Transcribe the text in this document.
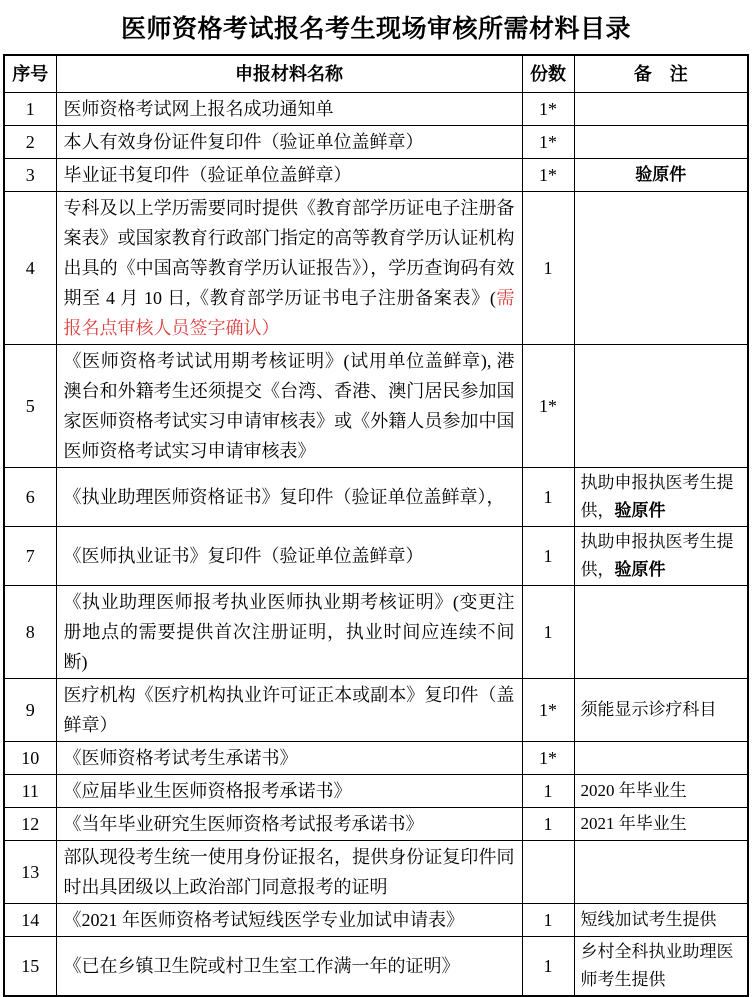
医师资格考试报名考生现场审核所需材料目录
序号	申报材料名称	份数	备　注
1	医师资格考试网上报名成功通知单	1*	
2	本人有效身份证件复印件（验证单位盖鲜章）	1*	
3	毕业证书复印件（验证单位盖鲜章）	1*	验原件
4	专科及以上学历需要同时提供《教育部学历证电子注册备案表》或国家教育行政部门指定的高等教育学历认证机构出具的《中国高等教育学历认证报告》），学历查询码有效期至 4 月 10 日,《教育部学历证书电子注册备案表》(需报名点审核人员签字确认）	1	
5	《医师资格考试试用期考核证明》(试用单位盖鲜章), 港澳台和外籍考生还须提交《台湾、香港、澳门居民参加国家医师资格考试实习申请审核表》或《外籍人员参加中国医师资格考试实习申请审核表》	1*	
6	《执业助理医师资格证书》复印件（验证单位盖鲜章），	1	执助申报执医考生提供，验原件
7	《医师执业证书》复印件（验证单位盖鲜章）	1	执助申报执医考生提供，验原件
8	《执业助理医师报考执业医师执业期考核证明》(变更注册地点的需要提供首次注册证明，执业时间应连续不间断)	1	
9	医疗机构《医疗机构执业许可证正本或副本》复印件（盖鲜章）	1*	须能显示诊疗科目
10	《医师资格考试考生承诺书》	1*	
11	《应届毕业生医师资格报考承诺书》	1	2020 年毕业生
12	《当年毕业研究生医师资格考试报考承诺书》	1	2021 年毕业生
13	部队现役考生统一使用身份证报名，提供身份证复印件同时出具团级以上政治部门同意报考的证明		
14	《2021 年医师资格考试短线医学专业加试申请表》	1	短线加试考生提供
15	《已在乡镇卫生院或村卫生室工作满一年的证明》	1	乡村全科执业助理医师考生提供
